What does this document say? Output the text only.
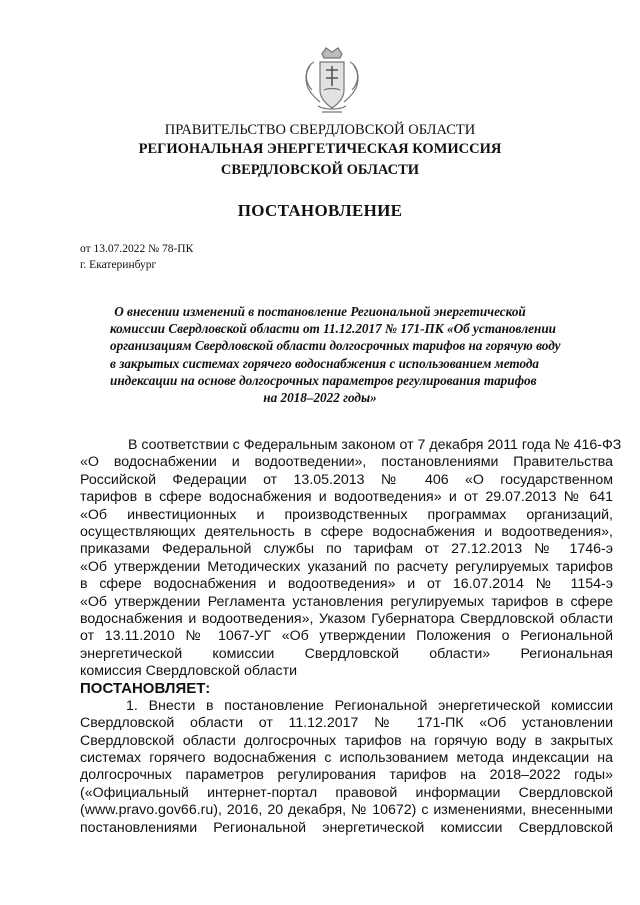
ПРАВИТЕЛЬСТВО СВЕРДЛОВСКОЙ ОБЛАСТИ
РЕГИОНАЛЬНАЯ ЭНЕРГЕТИЧЕСКАЯ КОМИССИЯ
СВЕРДЛОВСКОЙ ОБЛАСТИ
ПОСТАНОВЛЕНИЕ
от 13.07.2022 № 78-ПК
г. Екатеринбург
О внесении изменений в постановление Региональной энергетической
комиссии Свердловской области от 11.12.2017 № 171-ПК «Об установлении
организациям Свердловской области долгосрочных тарифов на горячую воду
в закрытых системах горячего водоснабжения с использованием метода
индексации на основе долгосрочных параметров регулирования тарифов
на 2018–2022 годы»
В соответствии с Федеральным законом от 7 декабря 2011 года № 416-ФЗ
«О водоснабжении и водоотведении», постановлениями Правительства
Российской Федерации от 13.05.2013 № 406 «О государственном
тарифов в сфере водоснабжения и водоотведения» и от 29.07.2013 № 641
«Об инвестиционных и производственных программах организаций,
осуществляющих деятельность в сфере водоснабжения и водоотведения»,
приказами Федеральной службы по тарифам от 27.12.2013 № 1746-э
«Об утверждении Методических указаний по расчету регулируемых тарифов
в сфере водоснабжения и водоотведения» и от 16.07.2014 № 1154-э
«Об утверждении Регламента установления регулируемых тарифов в сфере
водоснабжения и водоотведения», Указом Губернатора Свердловской области
от 13.11.2010 № 1067-УГ «Об утверждении Положения о Региональной
энергетической комиссии Свердловской области» Региональная
комиссия Свердловской области
ПОСТАНОВЛЯЕТ:
1. Внести в постановление Региональной энергетической комиссии
Свердловской области от 11.12.2017 № 171-ПК «Об установлении
Свердловской области долгосрочных тарифов на горячую воду в закрытых
системах горячего водоснабжения с использованием метода индексации на
долгосрочных параметров регулирования тарифов на 2018–2022 годы»
(«Официальный интернет-портал правовой информации Свердловской
(www.pravo.gov66.ru), 2016, 20 декабря, № 10672) с изменениями, внесенными
постановлениями Региональной энергетической комиссии Свердловской
